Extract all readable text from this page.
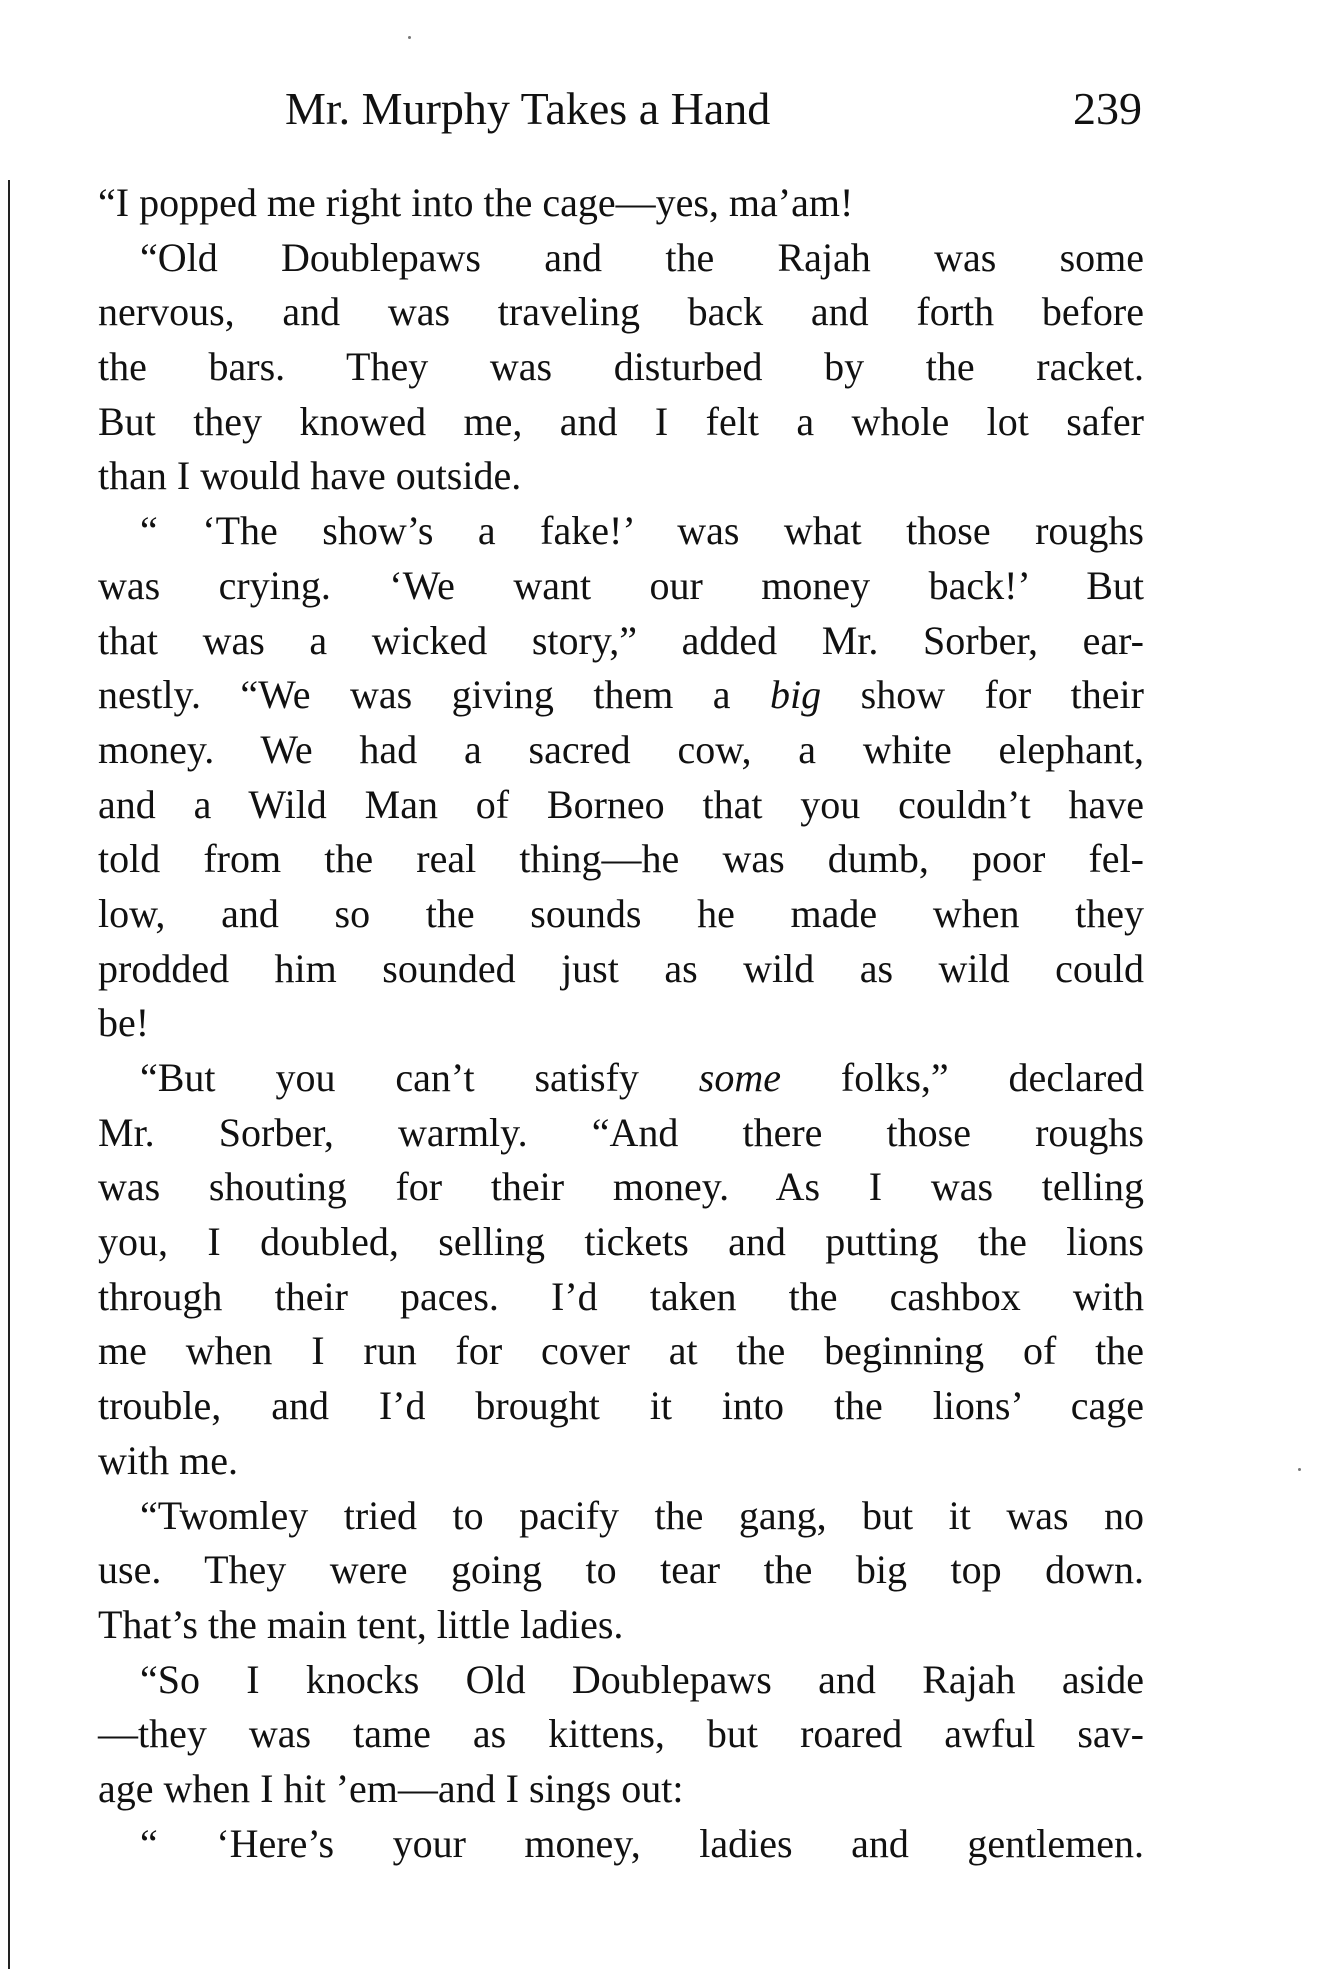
Mr. Murphy Takes a Hand	239
“I popped me right into the cage—yes, ma’am!
“Old Doublepaws and the Rajah was some
nervous, and was traveling back and forth before
the bars. They was disturbed by the racket.
But they knowed me, and I felt a whole lot safer
than I would have outside.
“ ‘The show’s a fake!’ was what those roughs
was crying. ‘We want our money back!’ But
that was a wicked story,” added Mr. Sorber, ear-
nestly. “We was giving them a big show for their
money. We had a sacred cow, a white elephant,
and a Wild Man of Borneo that you couldn’t have
told from the real thing—he was dumb, poor fel-
low, and so the sounds he made when they
prodded him sounded just as wild as wild could
be!
“But you can’t satisfy some folks,” declared
Mr. Sorber, warmly. “And there those roughs
was shouting for their money. As I was telling
you, I doubled, selling tickets and putting the lions
through their paces. I’d taken the cashbox with
me when I run for cover at the beginning of the
trouble, and I’d brought it into the lions’ cage
with me.
“Twomley tried to pacify the gang, but it was no
use. They were going to tear the big top down.
That’s the main tent, little ladies.
“So I knocks Old Doublepaws and Rajah aside
—they was tame as kittens, but roared awful sav-
age when I hit ’em—and I sings out:
“ ‘Here’s your money, ladies and gentlemen.
